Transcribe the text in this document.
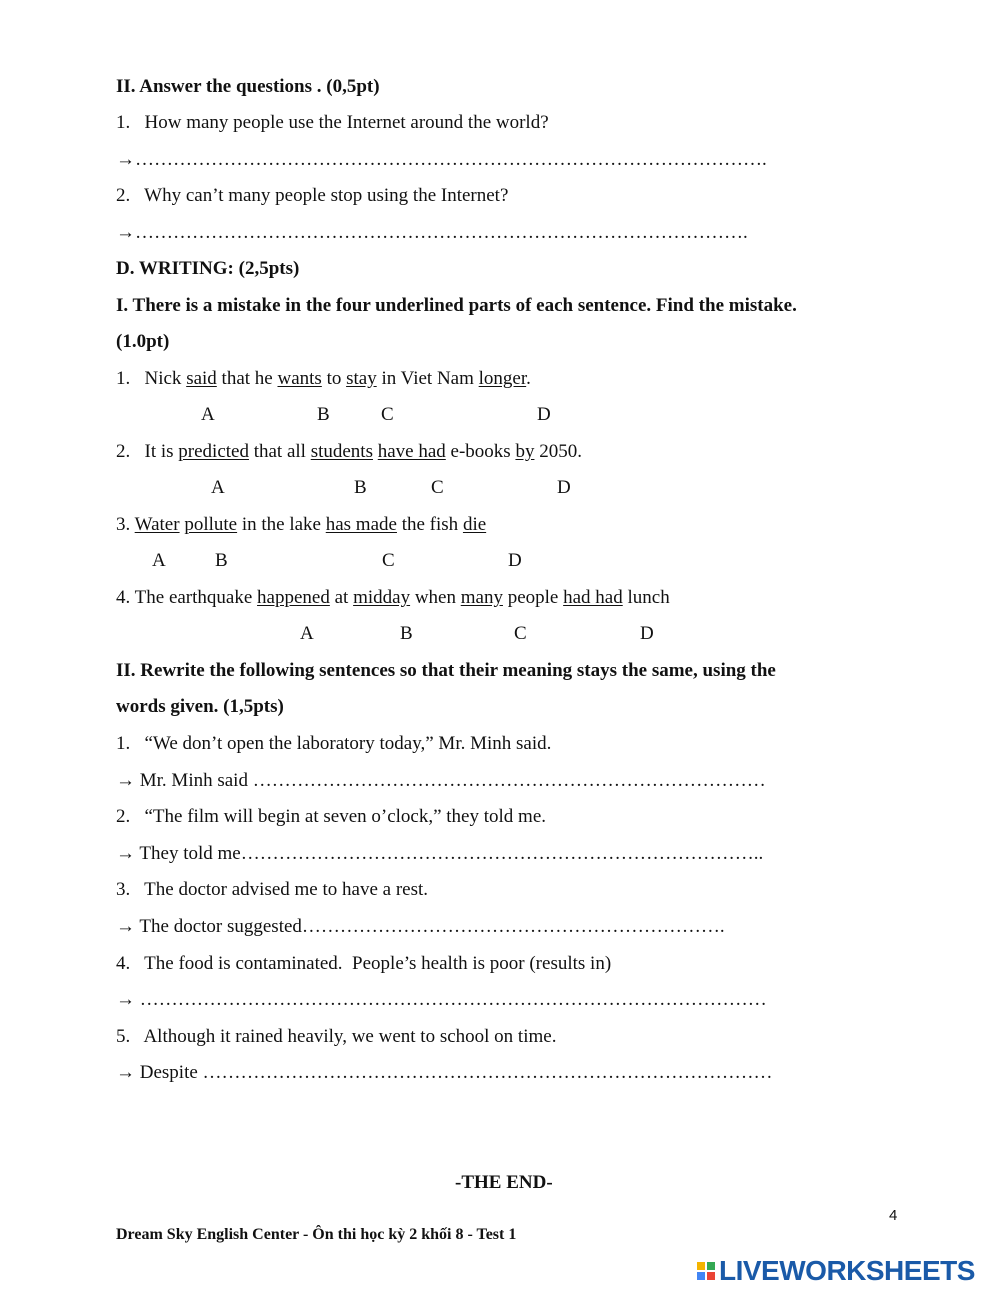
II. Answer the questions . (0,5pt)
1.   How many people use the Internet around the world?
→……………………………………………………………………………………….
2.   Why can’t many people stop using the Internet?
→…………………………………………………………………………………….
D. WRITING: (2,5pts)
I. There is a mistake in the four underlined parts of each sentence. Find the mistake.
(1.0pt)
1.   Nick said that he wants to stay in Viet Nam longer.
A	B	C	D
2.   It is predicted that all students have had e-books by 2050.
A	B	C	D
3. Water pollute in the lake has made the fish die
A	B	C	D
4. The earthquake happened at midday when many people had had lunch
A	B	C	D
II. Rewrite the following sentences so that their meaning stays the same, using the
words given. (1,5pts)
1.   “We don’t open the laboratory today,” Mr. Minh said.
→ Mr. Minh said ………………………………………………………………………
2.   “The film will begin at seven o’clock,” they told me.
→ They told me………………………………………………………………………..
3.   The doctor advised me to have a rest.
→ The doctor suggested………………………………………………………….
4.   The food is contaminated.  People’s health is poor (results in)
→ ………………………………………………………………………………………
5.   Although it rained heavily, we went to school on time.
→ Despite ………………………………………………………………………………
-THE END-
4
Dream Sky English Center - Ôn thi học kỳ 2 khối 8 - Test 1
LIVEWORKSHEETS
